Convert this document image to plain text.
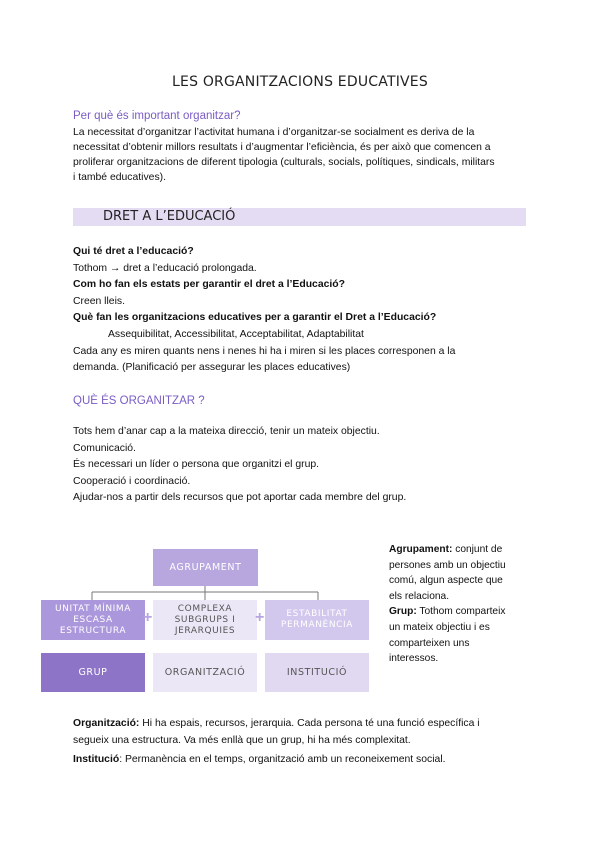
LES ORGANITZACIONS EDUCATIVES
Per què és important organitzar?
La necessitat d’organitzar l’activitat humana i d’organitzar-se socialment es deriva de la
necessitat d’obtenir millors resultats i d’augmentar l’eficiència, és per això que comencen a
proliferar organitzacions de diferent tipologia (culturals, socials, polítiques, sindicals, militars
i també educatives).
DRET A L’EDUCACIÓ
Qui té dret a l’educació?
Tothom → dret a l’educació prolongada.
Com ho fan els estats per garantir el dret a l’Educació?
Creen lleis.
Què fan les organitzacions educatives per a garantir el Dret a l’Educació?
Assequibilitat, Accessibilitat, Acceptabilitat, Adaptabilitat
Cada any es miren quants nens i nenes hi ha i miren si les places corresponen a la
demanda. (Planificació per assegurar les places educatives)
QUÈ ÉS ORGANITZAR ?
Tots hem d’anar cap a la mateixa direcció, tenir un mateix objectiu.
Comunicació.
És necessari un líder o persona que organitzi el grup.
Cooperació i coordinació.
Ajudar-nos a partir dels recursos que pot aportar cada membre del grup.
AGRUPAMENT
UNITAT MÍNIMA ESCASA ESTRUCTURA
COMPLEXA SUBGRUPS I JERARQUIES
ESTABILITAT PERMANÈNCIA
+	+
GRUP	ORGANITZACIÓ	INSTITUCIÓ
Agrupament: conjunt de
persones amb un objectiu
comú, algun aspecte que
els relaciona.
Grup: Tothom comparteix
un mateix objectiu i es
comparteixen uns
interessos.
Organització: Hi ha espais, recursos, jerarquia. Cada persona té una funció específica i
segueix una estructura. Va més enllà que un grup, hi ha més complexitat.
Institució: Permanència en el temps, organització amb un reconeixement social.
